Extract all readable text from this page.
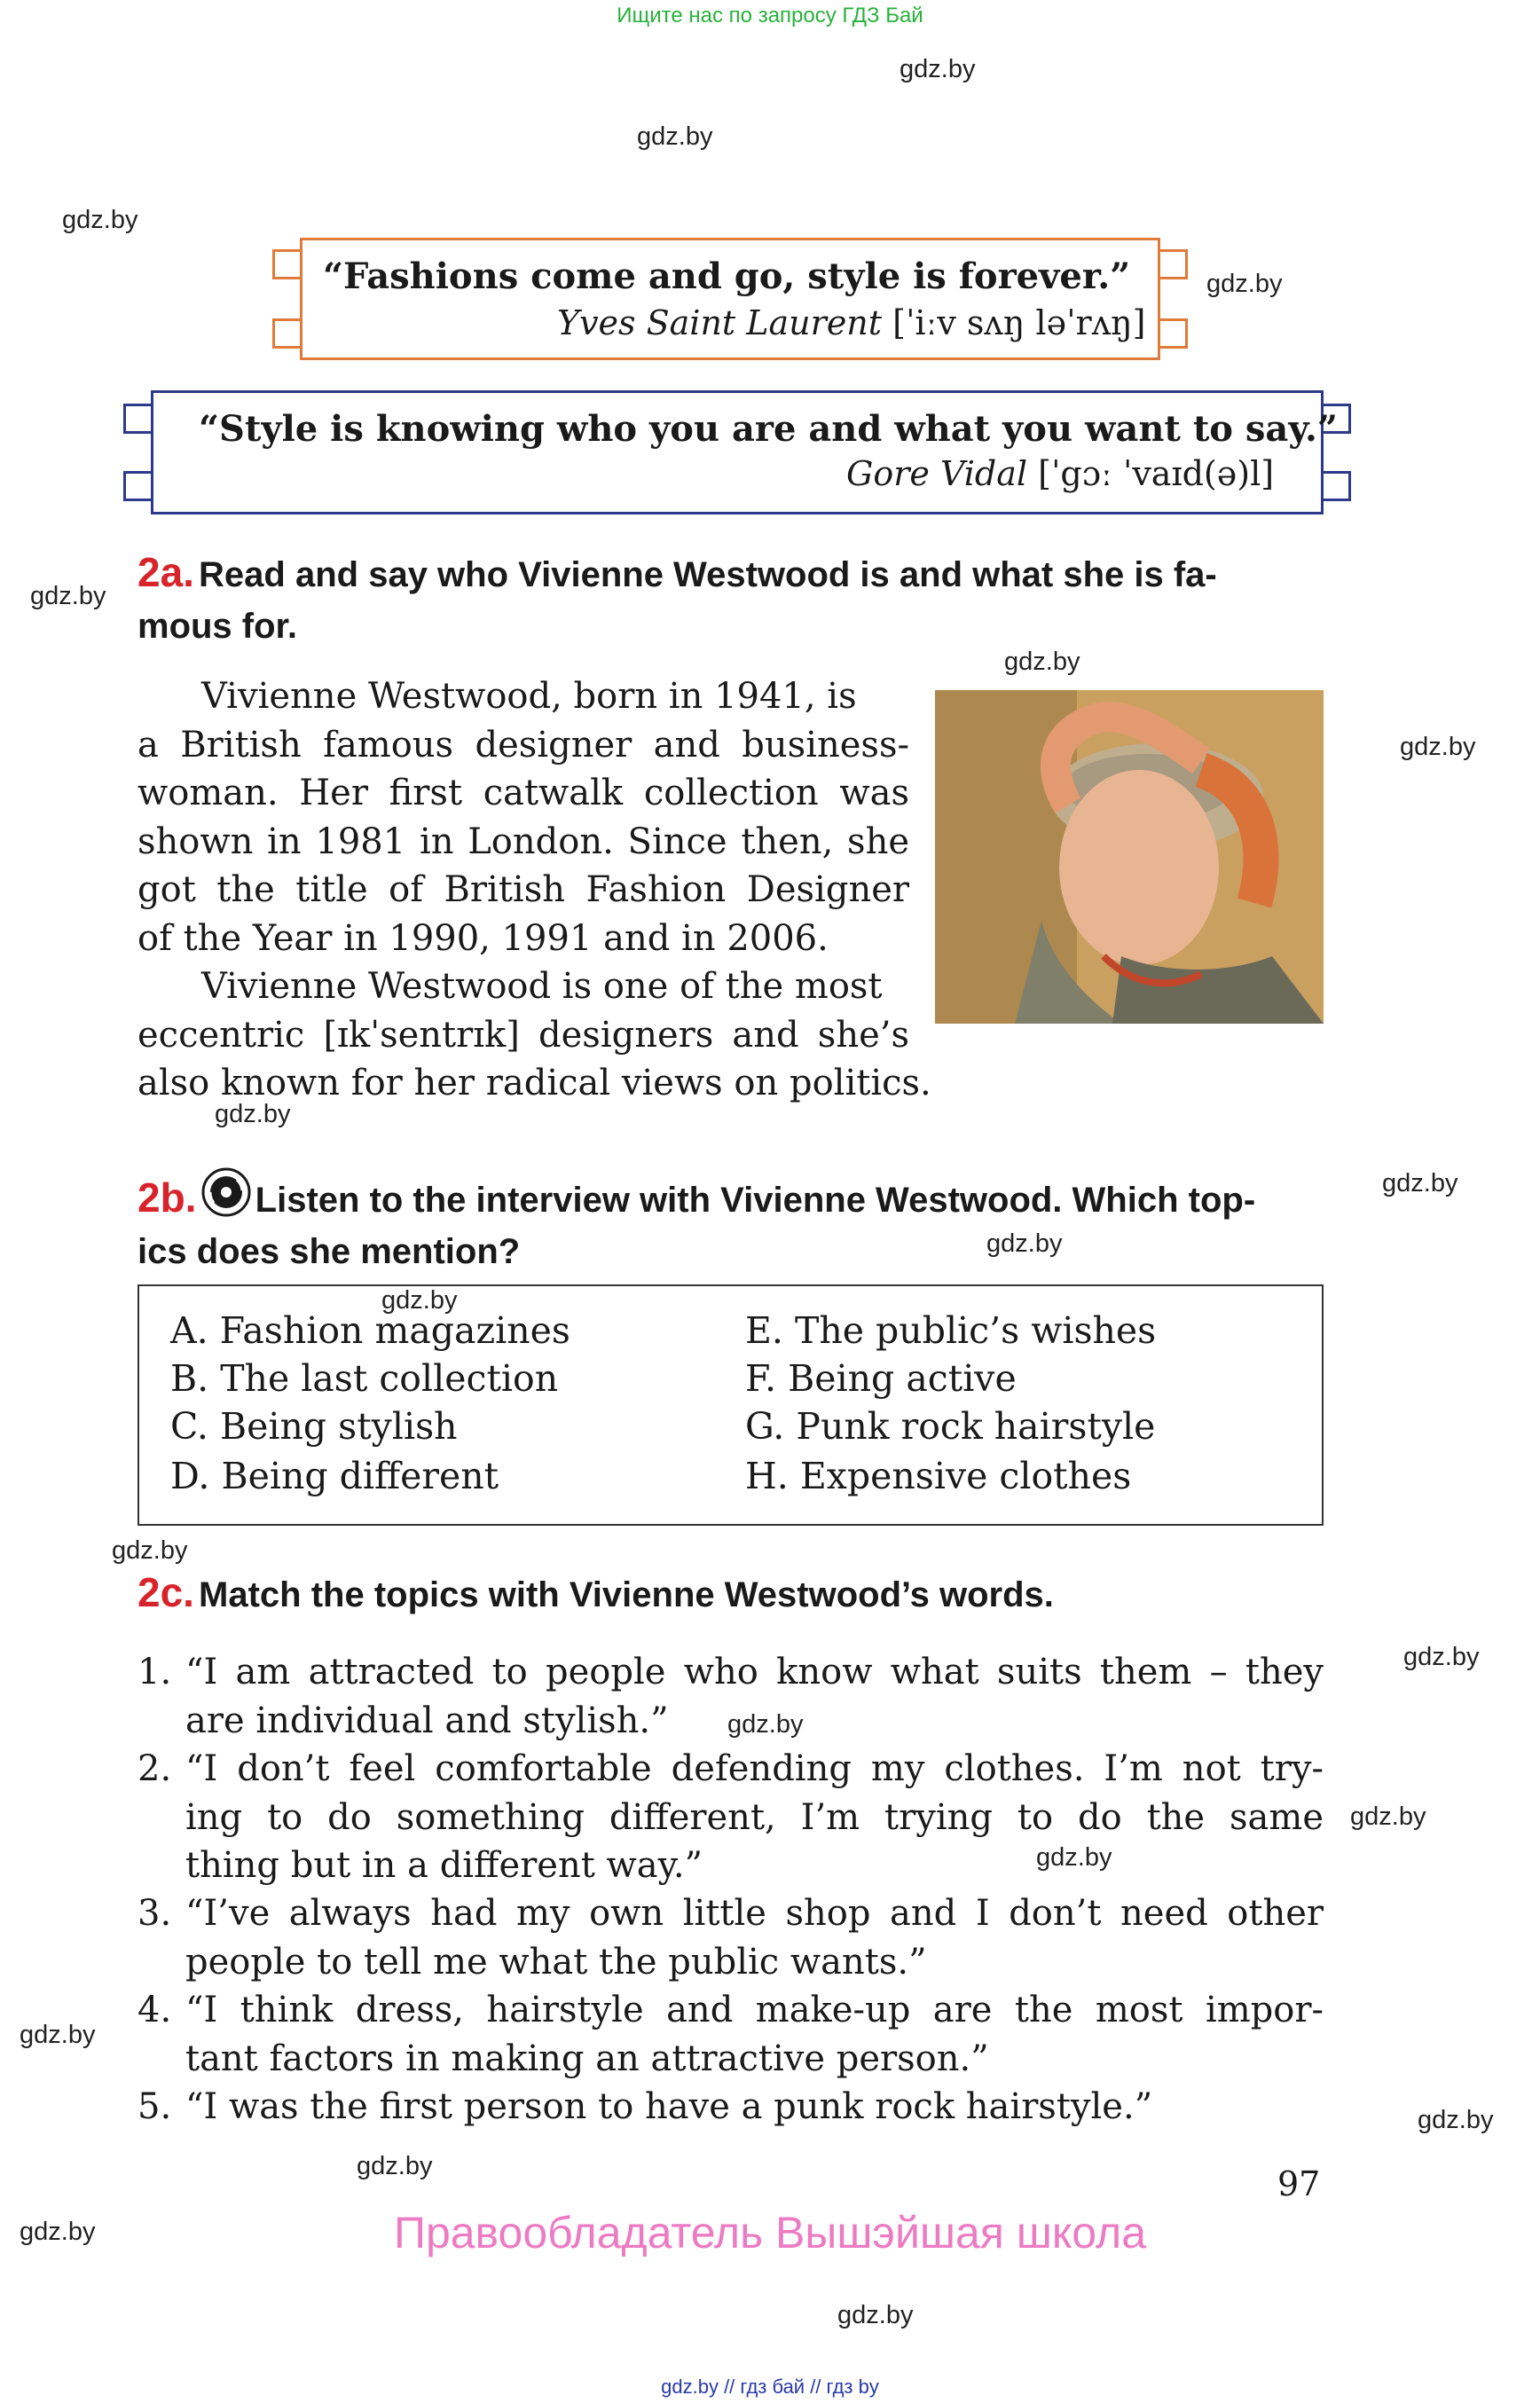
Ищите нас по запросу ГДЗ Бай
gdz.by
gdz.by
gdz.by
gdz.by
gdz.by
gdz.by
gdz.by
gdz.by
gdz.by
gdz.by
gdz.by
gdz.by
gdz.by
gdz.by
gdz.by
gdz.by
gdz.by
gdz.by
gdz.by
gdz.by
gdz.by
“Fashions come and go, style is forever.”
Yves Saint Laurent [ˈiːv sʌŋ ləˈrʌŋ]
“Style is knowing who you are and what you want to say.”
Gore Vidal [ˈgɔː ˈvaɪd(ə)l]
2a. Read and say who Vivienne Westwood is and what she is fa-
mous for.
Vivienne Westwood, born in 1941, is
a British famous designer and business-
woman. Her first catwalk collection was
shown in 1981 in London. Since then, she
got the title of British Fashion Designer
of the Year in 1990, 1991 and in 2006.
Vivienne Westwood is one of the most
eccentric [ɪkˈsentrɪk] designers and she’s
also known for her radical views on politics.
2b. Listen to the interview with Vivienne Westwood. Which top-
ics does she mention?
A. Fashion magazines
B. The last collection
C. Being stylish
D. Being different
E. The public’s wishes
F. Being active
G. Punk rock hairstyle
H. Expensive clothes
2c. Match the topics with Vivienne Westwood’s words.
1. “I am attracted to people who know what suits them – they
are individual and stylish.”
2. “I don’t feel comfortable defending my clothes. I’m not try-
ing to do something different, I’m trying to do the same
thing but in a different way.”
3. “I’ve always had my own little shop and I don’t need other
people to tell me what the public wants.”
4. “I think dress, hairstyle and make-up are the most impor-
tant factors in making an attractive person.”
5. “I was the first person to have a punk rock hairstyle.”
97
Правообладатель Вышэйшая школа
gdz.by // гдз бай // гдз by
